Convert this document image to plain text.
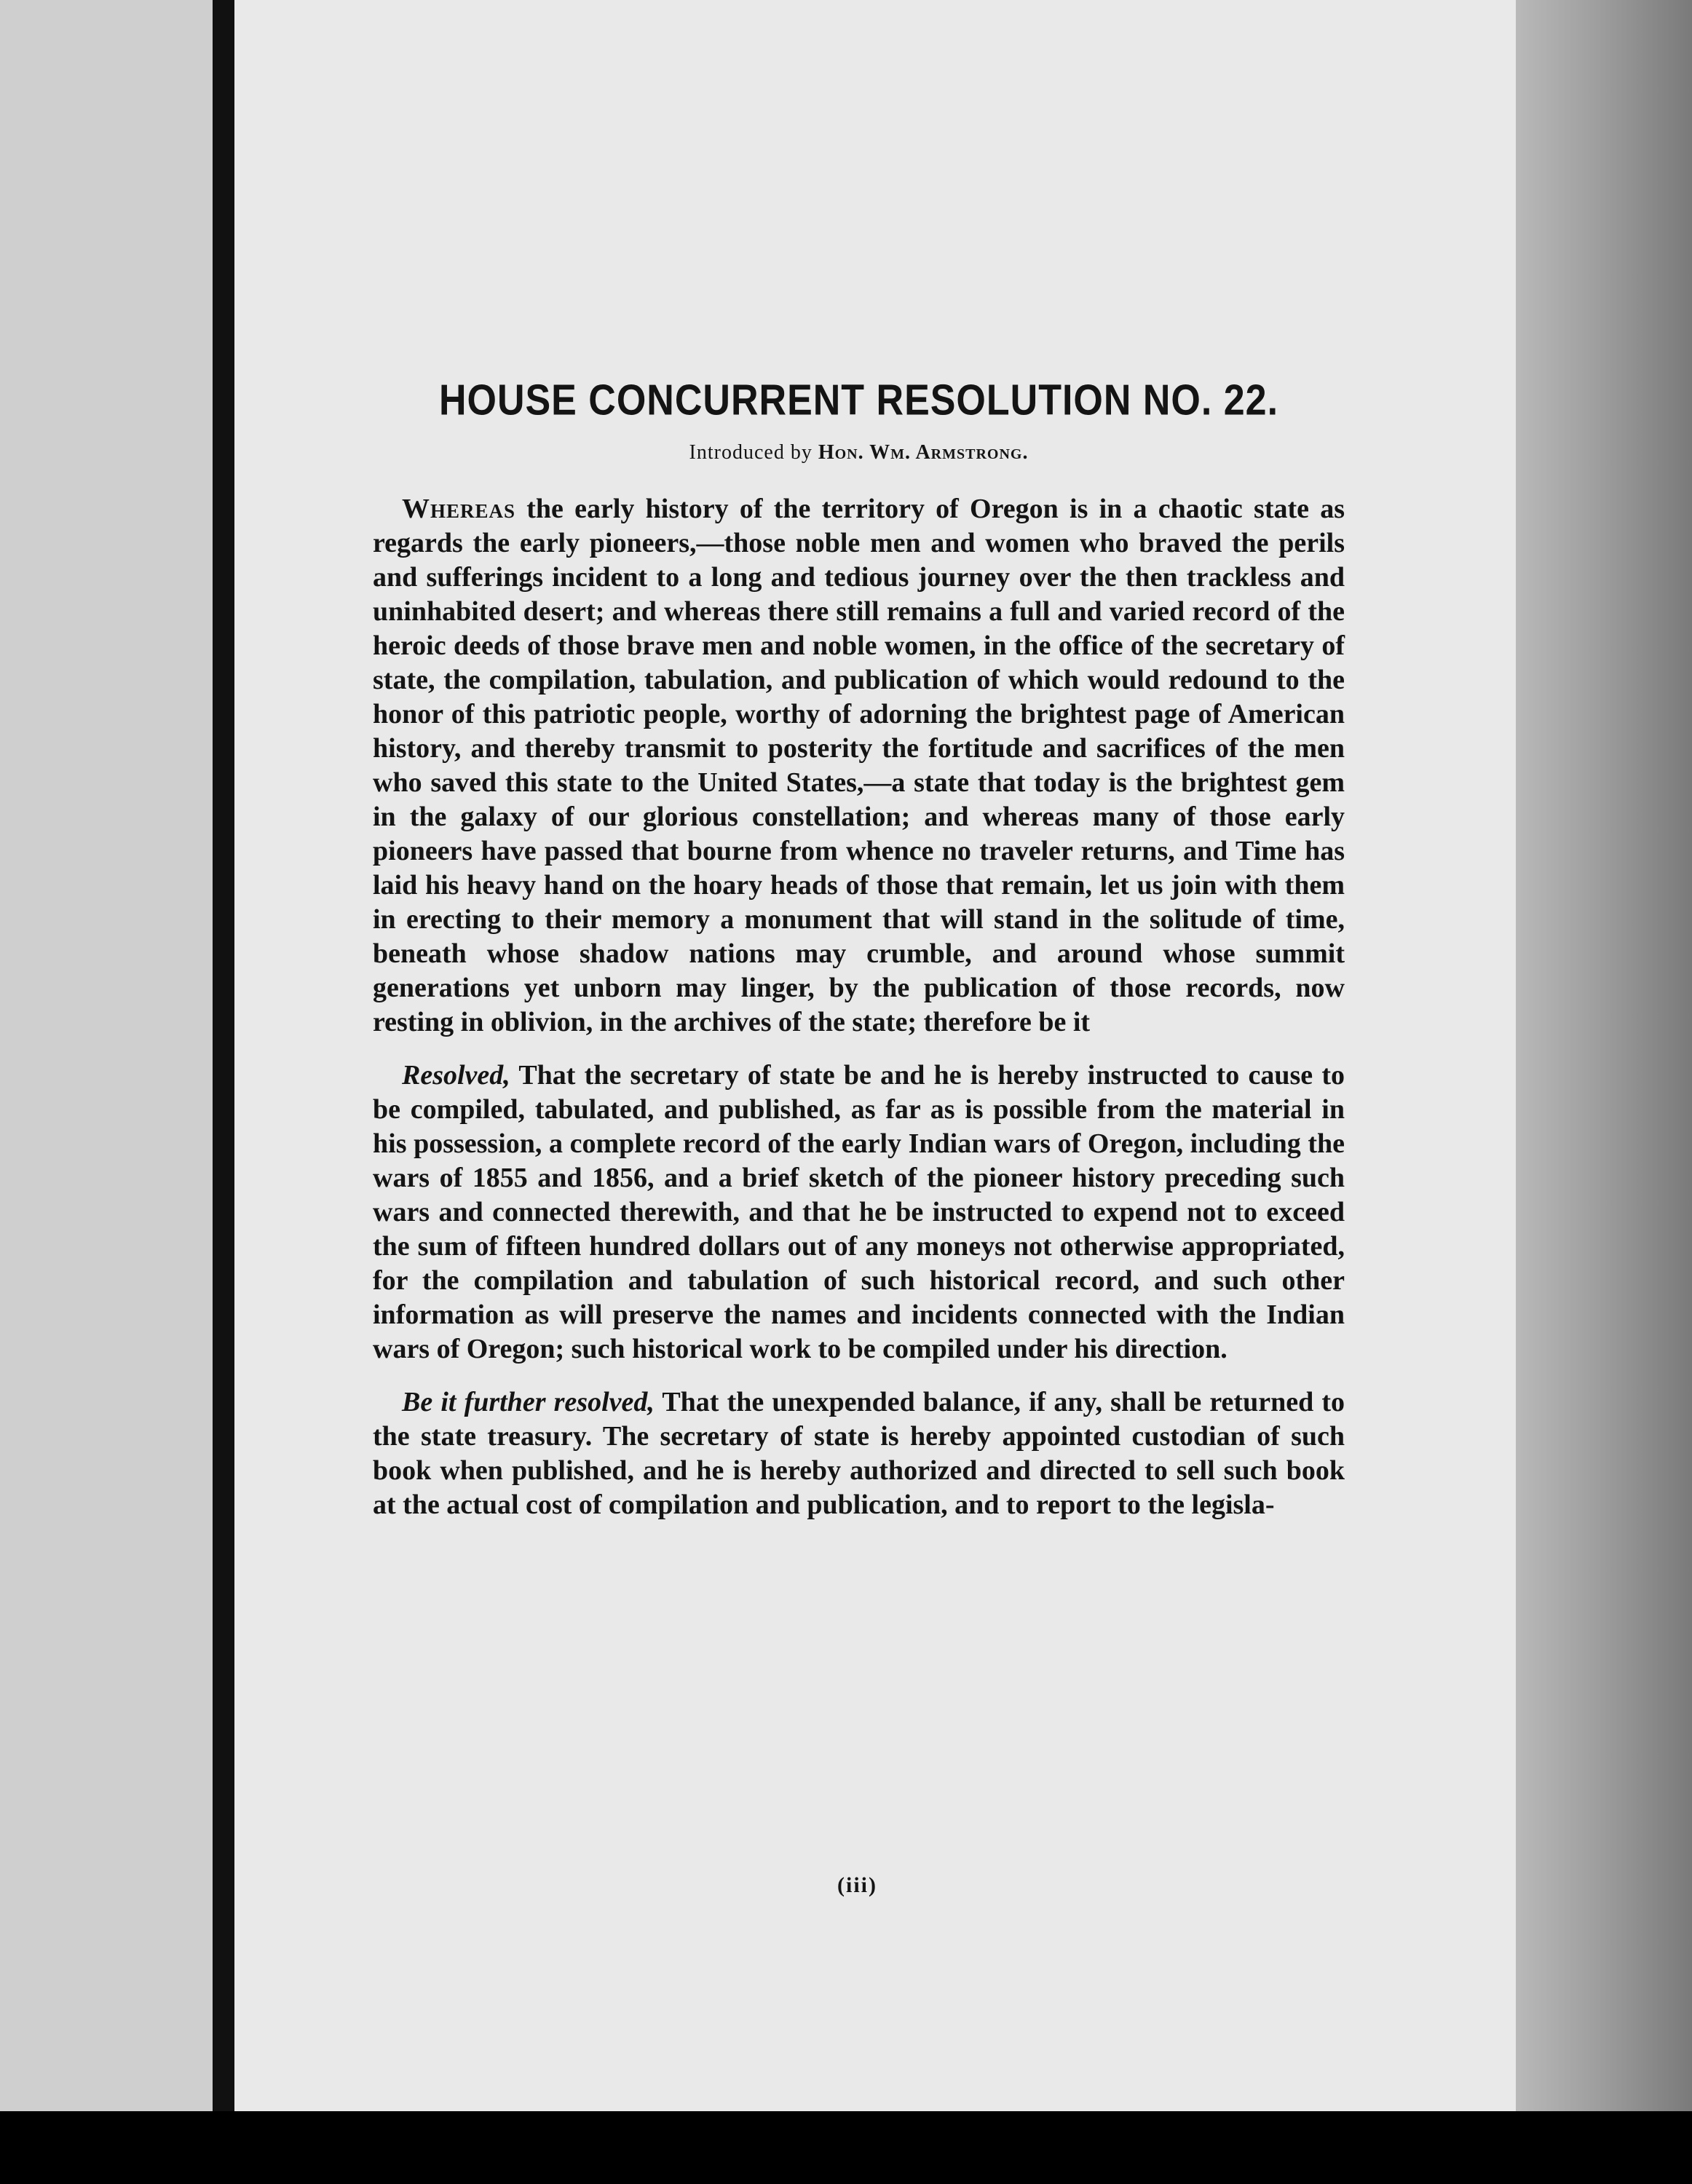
HOUSE CONCURRENT RESOLUTION NO. 22.
Introduced by Hon. Wm. Armstrong.

Whereas the early history of the territory of Oregon is in a chaotic state as regards the early pioneers,—those noble men and women who braved the perils and sufferings incident to a long and tedious journey over the then trackless and uninhabited desert; and whereas there still remains a full and varied record of the heroic deeds of those brave men and noble women, in the office of the secretary of state, the compilation, tabulation, and publication of which would redound to the honor of this patriotic people, worthy of adorning the brightest page of American history, and thereby transmit to posterity the fortitude and sacrifices of the men who saved this state to the United States,—a state that today is the brightest gem in the galaxy of our glorious constellation; and whereas many of those early pioneers have passed that bourne from whence no traveler returns, and Time has laid his heavy hand on the hoary heads of those that remain, let us join with them in erecting to their memory a monument that will stand in the solitude of time, beneath whose shadow nations may crumble, and around whose summit generations yet unborn may linger, by the publication of those records, now resting in oblivion, in the archives of the state; therefore be it

Resolved, That the secretary of state be and he is hereby instructed to cause to be compiled, tabulated, and published, as far as is possible from the material in his possession, a complete record of the early Indian wars of Oregon, including the wars of 1855 and 1856, and a brief sketch of the pioneer history preceding such wars and connected therewith, and that he be instructed to expend not to exceed the sum of fifteen hundred dollars out of any moneys not otherwise appropriated, for the compilation and tabulation of such historical record, and such other information as will preserve the names and incidents connected with the Indian wars of Oregon; such historical work to be compiled under his direction.

Be it further resolved, That the unexpended balance, if any, shall be returned to the state treasury. The secretary of state is hereby appointed custodian of such book when published, and he is hereby authorized and directed to sell such book at the actual cost of compilation and publication, and to report to the legisla-

(iii)
